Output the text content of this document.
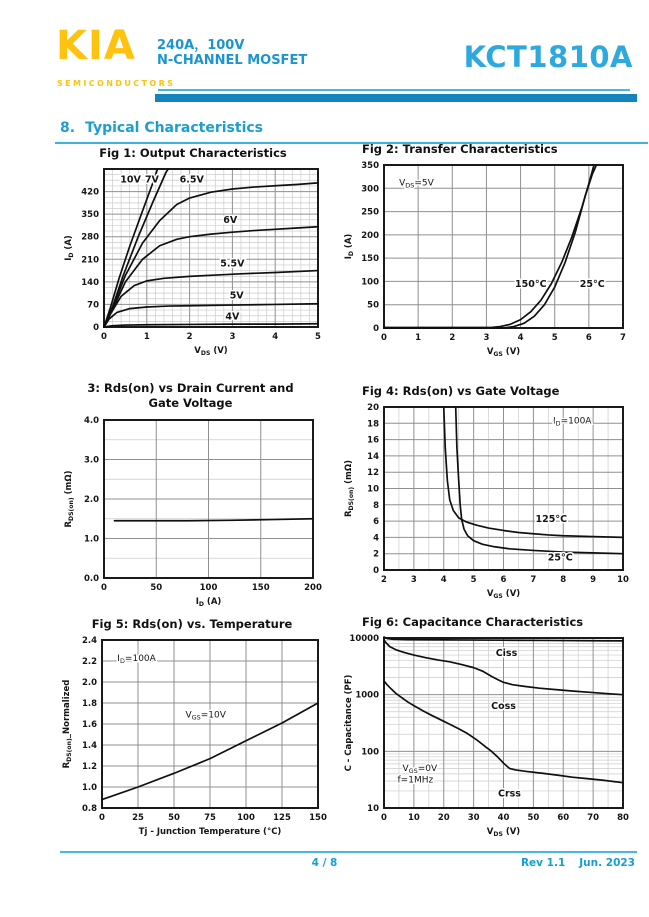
KIA
SEMICONDUCTORS
240A，100V
N-CHANNEL MOSFET	KCT1810A
8. Typical Characteristics
Fig 1: Output Characteristics
0	1	2	3	4	5
0
70
140
210
280
350
420
$V_{DS}$ (V)
$I_D$ (A)
10V 7V 6.5V
6V
5.5V
5V
4V
Fig 2: Transfer Characteristics
0	1	2	3	4	5	6	7
0
50
100
150
200
250
300
350
$V_{GS}$ (V)
$I_D$ (A)
150°C	25°C
$V_{DS}=5V$
3: Rds(on) vs Drain Current and
Gate Voltage
0	50	100	150	200
0.0
1.0
2.0
3.0
4.0
$I_D$ (A)
$R_{DS(on)}$ (mΩ)
Fig 4: Rds(on) vs Gate Voltage
2	3	4	5	6	7	8	9 10
0
2
4
6
8
10
12
14
16
18
20
$V_{GS}$ (V)
$R_{DS(on)}$ (mΩ)
125°C
25°C
$I_D=100A$
Fig 5: Rds(on) vs. Temperature
0	25	50	75 100 125 150
0.8
1.0
1.2
1.4
1.6
1.8
2.0
2.2
2.4
Tj - Junction Temperature (°C)
$R_{DS(on)}\_Normalized$
$I_D=100A$
$V_{GS}=10V$
Fig 6: Capacitance Characteristics
0 10 20 30 40 50 60 70 80
10
100
1000
10000
$V_{DS}$ (V)
C - Capacitance (PF)
Ciss
Coss
Crss
$V_{GS}=0V$
f=1MHz
4 / 8	Rev 1.1 Jun. 2023
